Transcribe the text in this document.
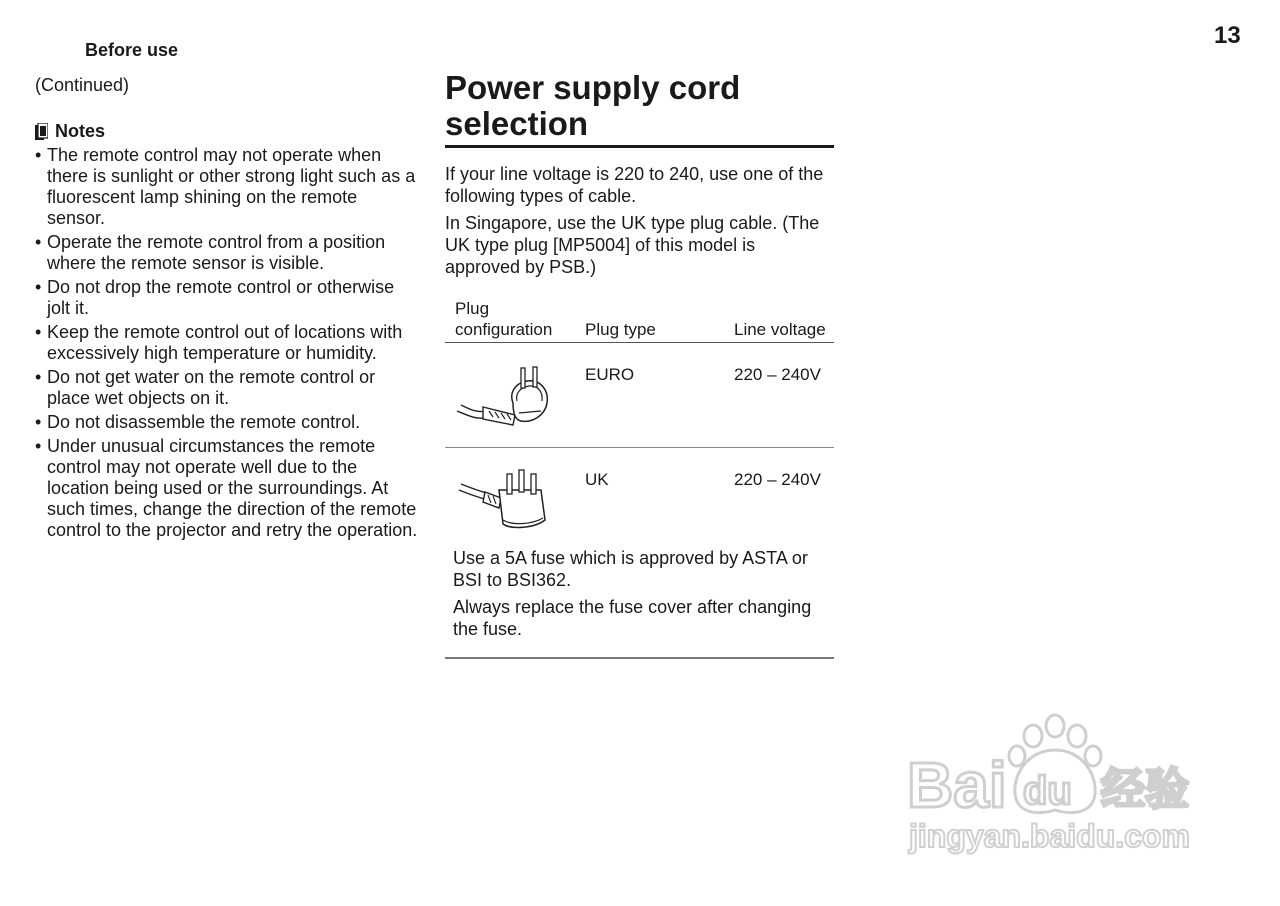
13
Before use
(Continued)
Notes
• The remote control may not operate when there is sunlight or other strong light such as a fluorescent lamp shining on the remote sensor.
• Operate the remote control from a position where the remote sensor is visible.
• Do not drop the remote control or otherwise jolt it.
• Keep the remote control out of locations with excessively high temperature or humidity.
• Do not get water on the remote control or place wet objects on it.
• Do not disassemble the remote control.
• Under unusual circumstances the remote control may not operate well due to the location being used or the surroundings. At such times, change the direction of the remote control to the projector and retry the operation.
Power supply cord selection

If your line voltage is 220 to 240, use one of the following types of cable.

In Singapore, use the UK type plug cable. (The UK type plug [MP5004] of this model is approved by PSB.)

Plug configuration	Plug type	Line voltage
EURO	220 – 240V
UK	220 – 240V

Use a 5A fuse which is approved by ASTA or BSI to BSI362.

Always replace the fuse cover after changing the fuse.

Bai du 经验
jingyan.baidu.com
